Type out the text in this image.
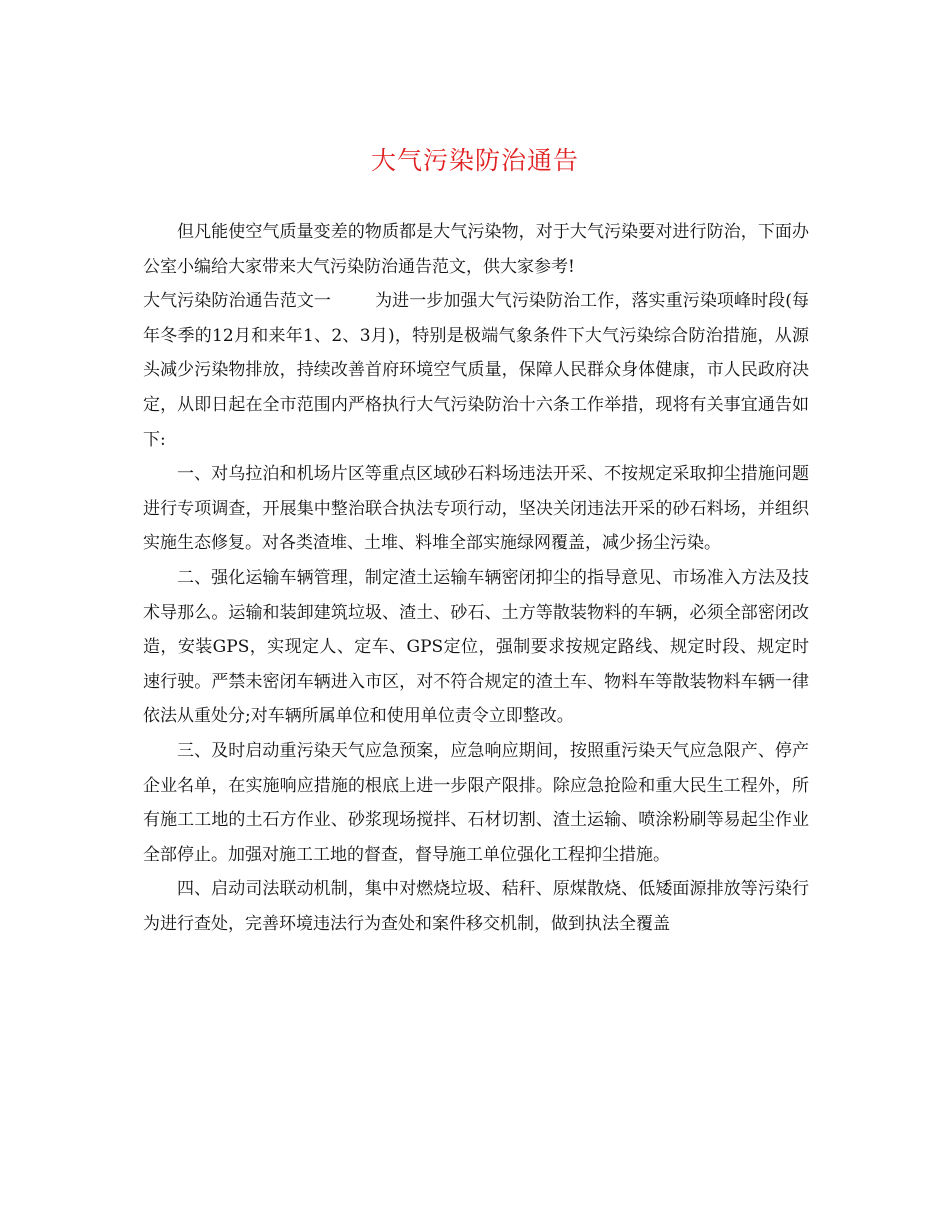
大气污染防治通告

但凡能使空气质量变差的物质都是大气污染物，对于大气污染要对进行防治，下面办公室小编给大家带来大气污染防治通告范文，供大家参考!

大气污染防治通告范文一	为进一步加强大气污染防治工作，落实重污染项峰时段(每年冬季的12月和来年1、2、3月)，特别是极端气象条件下大气污染综合防治措施，从源头减少污染物排放，持续改善首府环境空气质量，保障人民群众身体健康，市人民政府决定，从即日起在全市范围内严格执行大气污染防治十六条工作举措，现将有关事宜通告如下:

一、对乌拉泊和机场片区等重点区域砂石料场违法开采、不按规定采取抑尘措施问题进行专项调查，开展集中整治联合执法专项行动，坚决关闭违法开采的砂石料场，并组织实施生态修复。对各类渣堆、土堆、料堆全部实施绿网覆盖，减少扬尘污染。

二、强化运输车辆管理，制定渣土运输车辆密闭抑尘的指导意见、市场准入方法及技术导那么。运输和装卸建筑垃圾、渣土、砂石、土方等散装物料的车辆，必须全部密闭改造，安装GPS，实现定人、定车、GPS定位，强制要求按规定路线、规定时段、规定时速行驶。严禁未密闭车辆进入市区，对不符合规定的渣土车、物料车等散装物料车辆一律依法从重处分;对车辆所属单位和使用单位责令立即整改。

三、及时启动重污染天气应急预案，应急响应期间，按照重污染天气应急限产、停产企业名单，在实施响应措施的根底上进一步限产限排。除应急抢险和重大民生工程外，所有施工工地的土石方作业、砂浆现场搅拌、石材切割、渣土运输、喷涂粉刷等易起尘作业全部停止。加强对施工工地的督查，督导施工单位强化工程抑尘措施。

四、启动司法联动机制，集中对燃烧垃圾、秸秆、原煤散烧、低矮面源排放等污染行为进行查处，完善环境违法行为查处和案件移交机制，做到执法全覆盖
